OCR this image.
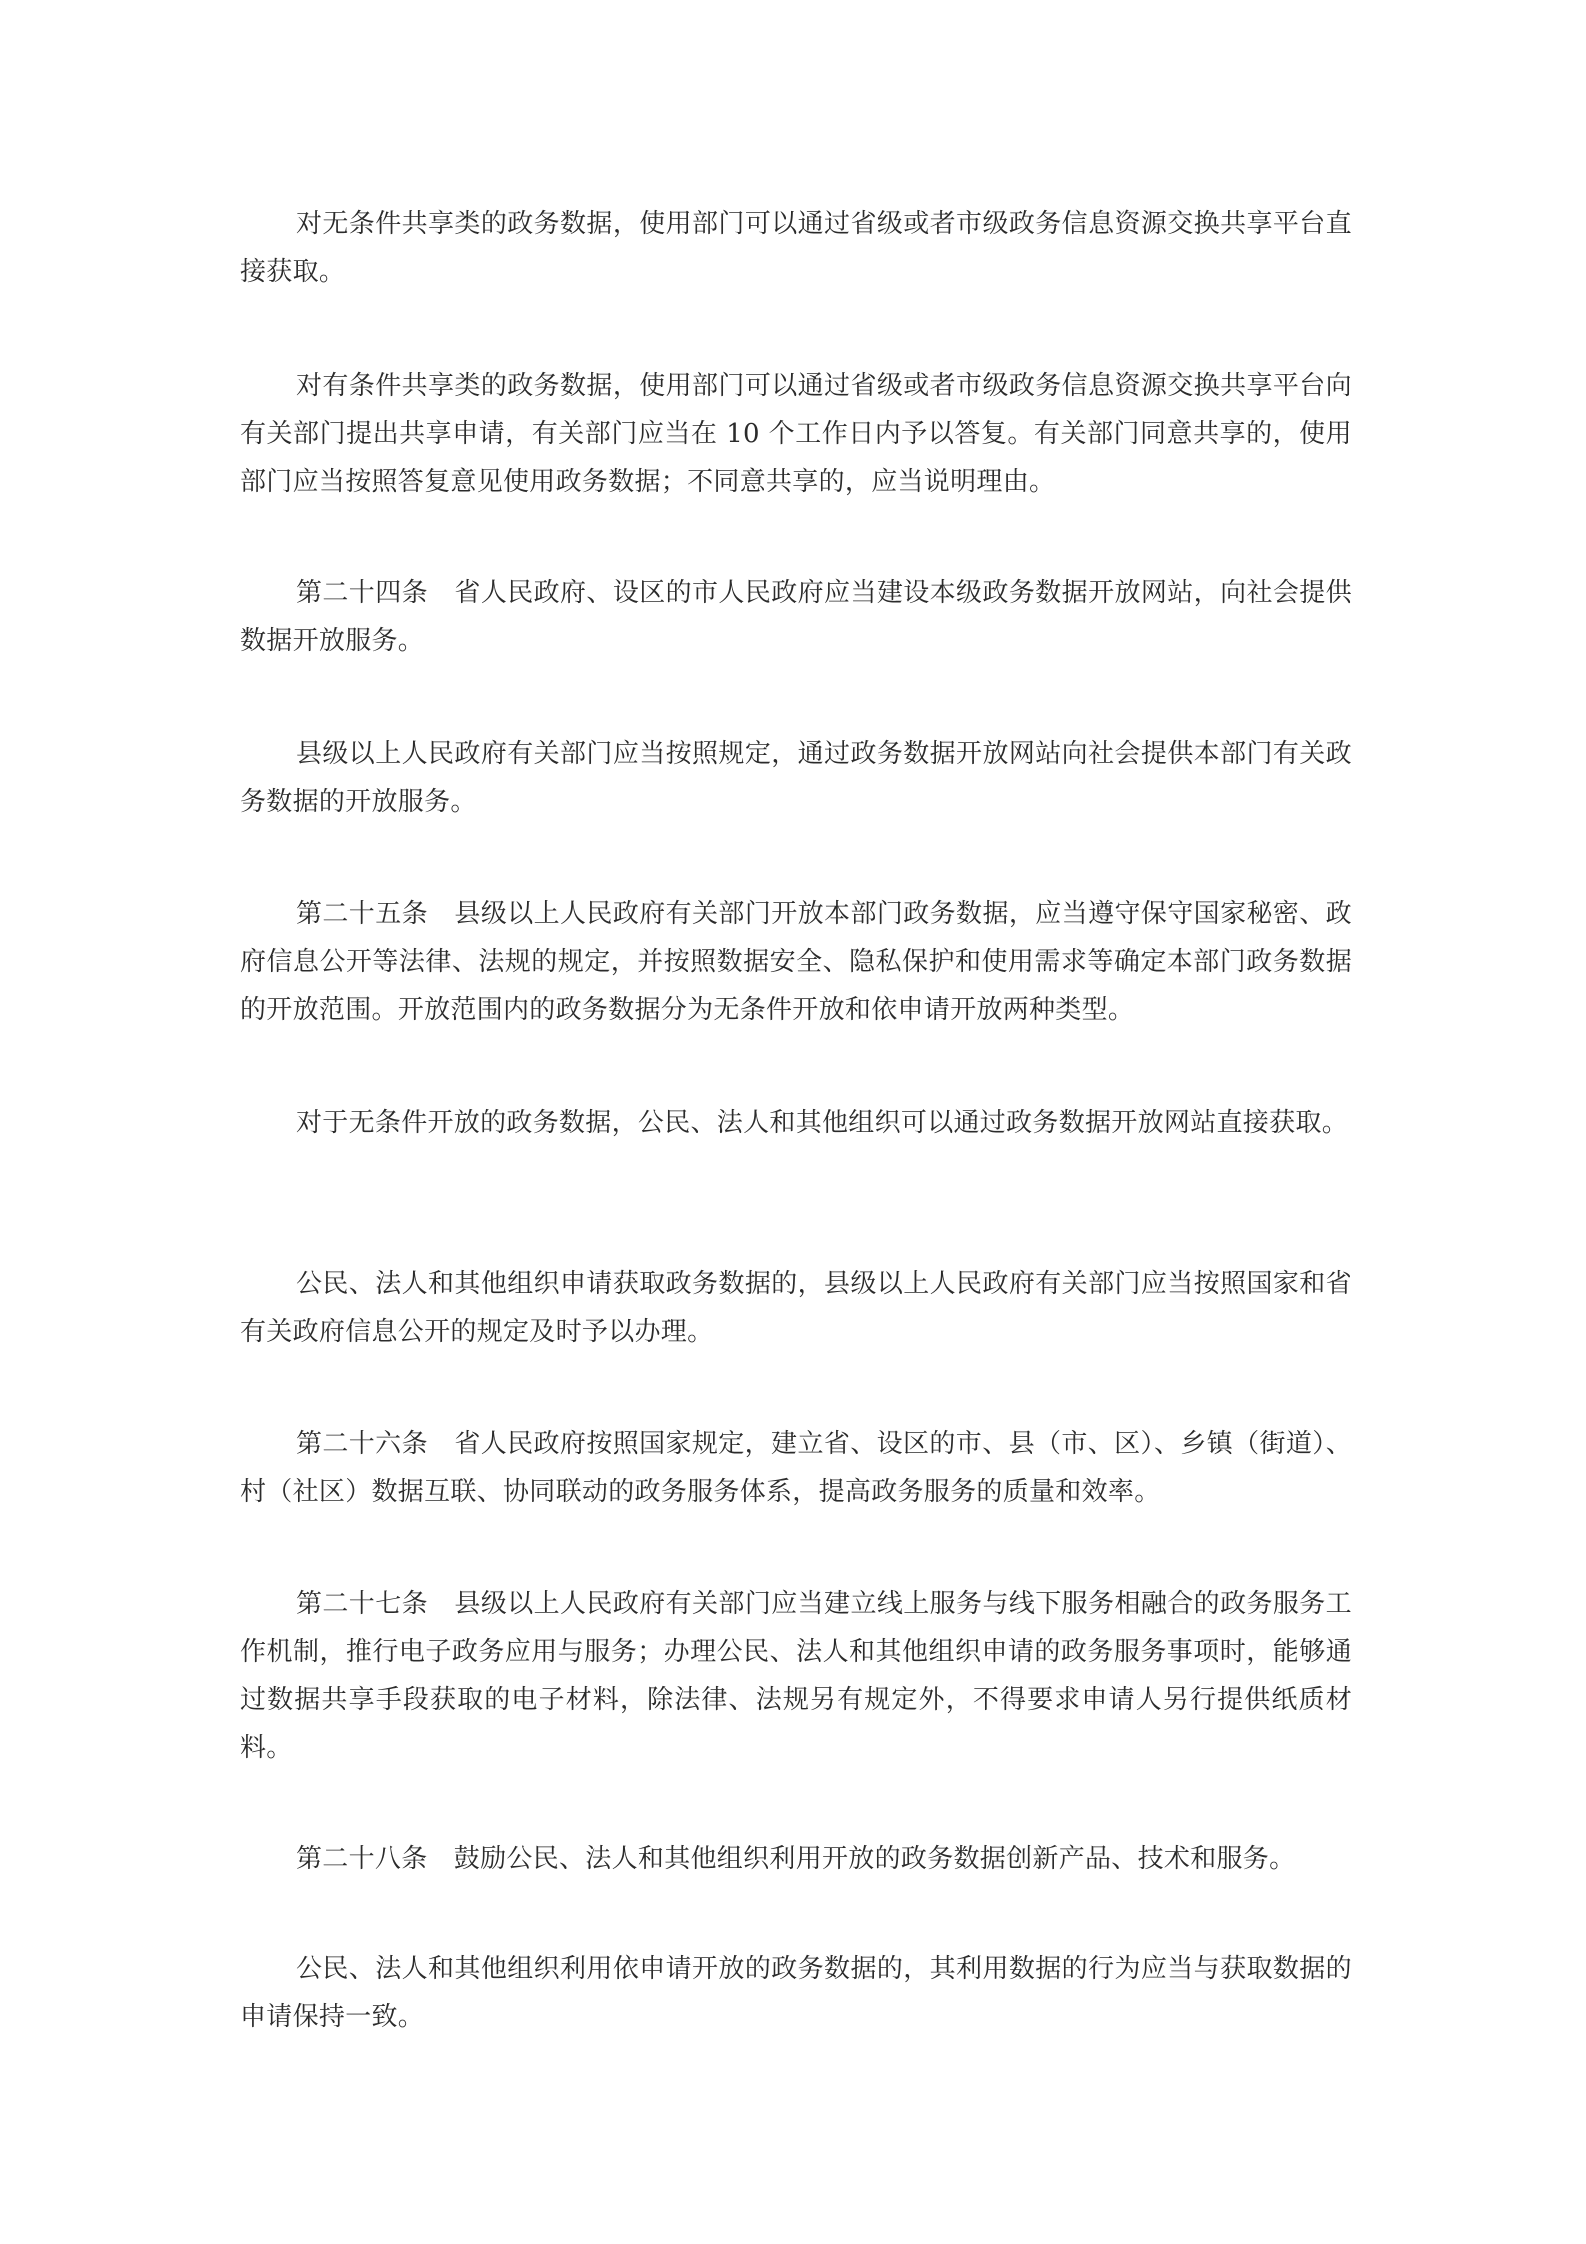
对无条件共享类的政务数据，使用部门可以通过省级或者市级政务信息资源交换共享平台直接获取。

对有条件共享类的政务数据，使用部门可以通过省级或者市级政务信息资源交换共享平台向有关部门提出共享申请，有关部门应当在 10 个工作日内予以答复。有关部门同意共享的，使用部门应当按照答复意见使用政务数据；不同意共享的，应当说明理由。

第二十四条　省人民政府、设区的市人民政府应当建设本级政务数据开放网站，向社会提供数据开放服务。

县级以上人民政府有关部门应当按照规定，通过政务数据开放网站向社会提供本部门有关政务数据的开放服务。

第二十五条　县级以上人民政府有关部门开放本部门政务数据，应当遵守保守国家秘密、政府信息公开等法律、法规的规定，并按照数据安全、隐私保护和使用需求等确定本部门政务数据的开放范围。开放范围内的政务数据分为无条件开放和依申请开放两种类型。

对于无条件开放的政务数据，公民、法人和其他组织可以通过政务数据开放网站直接获取。

公民、法人和其他组织申请获取政务数据的，县级以上人民政府有关部门应当按照国家和省有关政府信息公开的规定及时予以办理。

第二十六条　省人民政府按照国家规定，建立省、设区的市、县（市、区）、乡镇（街道）、村（社区）数据互联、协同联动的政务服务体系，提高政务服务的质量和效率。

第二十七条　县级以上人民政府有关部门应当建立线上服务与线下服务相融合的政务服务工作机制，推行电子政务应用与服务；办理公民、法人和其他组织申请的政务服务事项时，能够通过数据共享手段获取的电子材料，除法律、法规另有规定外，不得要求申请人另行提供纸质材料。

第二十八条　鼓励公民、法人和其他组织利用开放的政务数据创新产品、技术和服务。

公民、法人和其他组织利用依申请开放的政务数据的，其利用数据的行为应当与获取数据的申请保持一致。
